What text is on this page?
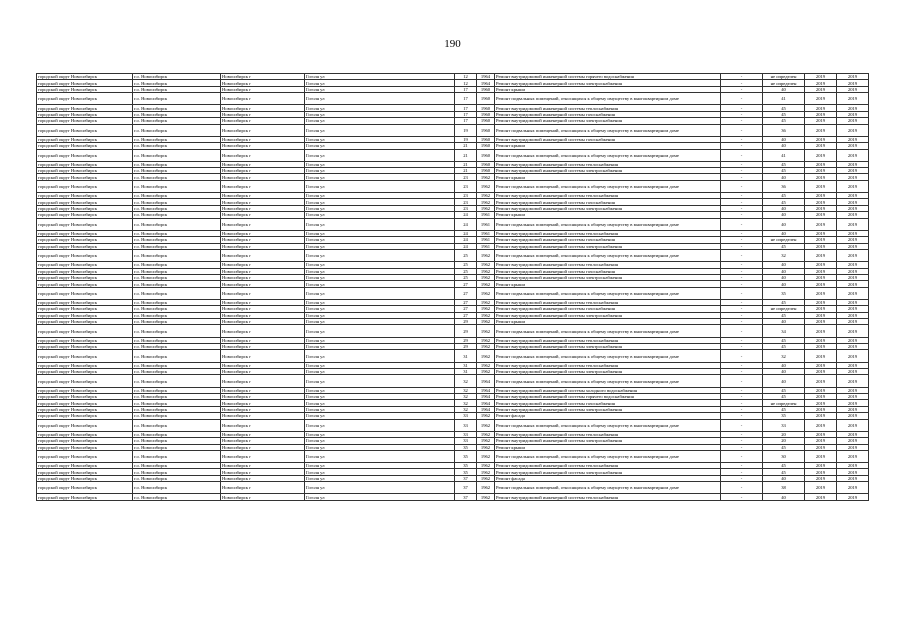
190
городской округ Новосибирск	г.о. Новосибирск	Новосибирск г	Гоголя ул	12	1964	Ремонт внутридомовой инженерной системы горячего водоснабжения	-	не определен	2019	2019
городской округ Новосибирск	г.о. Новосибирск	Новосибирск г	Гоголя ул	12	1964	Ремонт внутридомовой инженерной системы электроснабжения	-	не определен	2019	2019
городской округ Новосибирск	г.о. Новосибирск	Новосибирск г	Гоголя ул	17	1960	Ремонт крыши	-	40	2019	2019
городской округ Новосибирск	г.о. Новосибирск	Новосибирск г	Гоголя ул	17	1960	Ремонт подвальных помещений, относящихся к общему имуществу в многоквартирном доме	-	41	2019	2019
городской округ Новосибирск	г.о. Новосибирск	Новосибирск г	Гоголя ул	17	1960	Ремонт внутридомовой инженерной системы теплоснабжения	-	45	2019	2019
городской округ Новосибирск	г.о. Новосибирск	Новосибирск г	Гоголя ул	17	1960	Ремонт внутридомовой инженерной системы газоснабжения	-	45	2019	2019
городской округ Новосибирск	г.о. Новосибирск	Новосибирск г	Гоголя ул	17	1960	Ремонт внутридомовой инженерной системы электроснабжения	-	45	2019	2019
городской округ Новосибирск	г.о. Новосибирск	Новосибирск г	Гоголя ул	19	1960	Ремонт подвальных помещений, относящихся к общему имуществу в многоквартирном доме	-	36	2019	2019
городской округ Новосибирск	г.о. Новосибирск	Новосибирск г	Гоголя ул	19	1960	Ремонт внутридомовой инженерной системы газоснабжения	-	40	2019	2019
городской округ Новосибирск	г.о. Новосибирск	Новосибирск г	Гоголя ул	21	1960	Ремонт крыши	-	40	2019	2019
городской округ Новосибирск	г.о. Новосибирск	Новосибирск г	Гоголя ул	21	1960	Ремонт подвальных помещений, относящихся к общему имуществу в многоквартирном доме	-	41	2019	2019
городской округ Новосибирск	г.о. Новосибирск	Новосибирск г	Гоголя ул	21	1960	Ремонт внутридомовой инженерной системы теплоснабжения	-	45	2019	2019
городской округ Новосибирск	г.о. Новосибирск	Новосибирск г	Гоголя ул	21	1960	Ремонт внутридомовой инженерной системы электроснабжения	-	45	2019	2019
городской округ Новосибирск	г.о. Новосибирск	Новосибирск г	Гоголя ул	23	1962	Ремонт крыши	-	40	2019	2019
городской округ Новосибирск	г.о. Новосибирск	Новосибирск г	Гоголя ул	23	1962	Ремонт подвальных помещений, относящихся к общему имуществу в многоквартирном доме	-	36	2019	2019
городской округ Новосибирск	г.о. Новосибирск	Новосибирск г	Гоголя ул	23	1962	Ремонт внутридомовой инженерной системы теплоснабжения	-	45	2019	2019
городской округ Новосибирск	г.о. Новосибирск	Новосибирск г	Гоголя ул	23	1962	Ремонт внутридомовой инженерной системы газоснабжения	-	45	2019	2019
городской округ Новосибирск	г.о. Новосибирск	Новосибирск г	Гоголя ул	23	1962	Ремонт внутридомовой инженерной системы электроснабжения	-	40	2019	2019
городской округ Новосибирск	г.о. Новосибирск	Новосибирск г	Гоголя ул	24	1961	Ремонт крыши	-	40	2019	2019
городской округ Новосибирск	г.о. Новосибирск	Новосибирск г	Гоголя ул	24	1961	Ремонт подвальных помещений, относящихся к общему имуществу в многоквартирном доме	-	40	2019	2019
городской округ Новосибирск	г.о. Новосибирск	Новосибирск г	Гоголя ул	24	1961	Ремонт внутридомовой инженерной системы теплоснабжения	-	40	2019	2019
городской округ Новосибирск	г.о. Новосибирск	Новосибирск г	Гоголя ул	24	1961	Ремонт внутридомовой инженерной системы газоснабжения	-	не определен	2019	2019
городской округ Новосибирск	г.о. Новосибирск	Новосибирск г	Гоголя ул	24	1961	Ремонт внутридомовой инженерной системы электроснабжения	-	45	2019	2019
городской округ Новосибирск	г.о. Новосибирск	Новосибирск г	Гоголя ул	25	1962	Ремонт подвальных помещений, относящихся к общему имуществу в многоквартирном доме	-	32	2019	2019
городской округ Новосибирск	г.о. Новосибирск	Новосибирск г	Гоголя ул	25	1962	Ремонт внутридомовой инженерной системы теплоснабжения	-	40	2019	2019
городской округ Новосибирск	г.о. Новосибирск	Новосибирск г	Гоголя ул	25	1962	Ремонт внутридомовой инженерной системы газоснабжения	-	40	2019	2019
городской округ Новосибирск	г.о. Новосибирск	Новосибирск г	Гоголя ул	25	1962	Ремонт внутридомовой инженерной системы электроснабжения	-	40	2019	2019
городской округ Новосибирск	г.о. Новосибирск	Новосибирск г	Гоголя ул	27	1962	Ремонт крыши	-	40	2019	2019
городской округ Новосибирск	г.о. Новосибирск	Новосибирск г	Гоголя ул	27	1962	Ремонт подвальных помещений, относящихся к общему имуществу в многоквартирном доме	-	35	2019	2019
городской округ Новосибирск	г.о. Новосибирск	Новосибирск г	Гоголя ул	27	1962	Ремонт внутридомовой инженерной системы теплоснабжения	-	45	2019	2019
городской округ Новосибирск	г.о. Новосибирск	Новосибирск г	Гоголя ул	27	1962	Ремонт внутридомовой инженерной системы газоснабжения	-	не определен	2019	2019
городской округ Новосибирск	г.о. Новосибирск	Новосибирск г	Гоголя ул	27	1962	Ремонт внутридомовой инженерной системы электроснабжения	-	45	2019	2019
городской округ Новосибирск	г.о. Новосибирск	Новосибирск г	Гоголя ул	29	1962	Ремонт крыши	-	40	2019	2019
городской округ Новосибирск	г.о. Новосибирск	Новосибирск г	Гоголя ул	29	1962	Ремонт подвальных помещений, относящихся к общему имуществу в многоквартирном доме	-	34	2019	2019
городской округ Новосибирск	г.о. Новосибирск	Новосибирск г	Гоголя ул	29	1962	Ремонт внутридомовой инженерной системы теплоснабжения	-	45	2019	2019
городской округ Новосибирск	г.о. Новосибирск	Новосибирск г	Гоголя ул	29	1962	Ремонт внутридомовой инженерной системы электроснабжения	-	45	2019	2019
городской округ Новосибирск	г.о. Новосибирск	Новосибирск г	Гоголя ул	31	1962	Ремонт подвальных помещений, относящихся к общему имуществу в многоквартирном доме	-	32	2019	2019
городской округ Новосибирск	г.о. Новосибирск	Новосибирск г	Гоголя ул	31	1962	Ремонт внутридомовой инженерной системы теплоснабжения	-	40	2019	2019
городской округ Новосибирск	г.о. Новосибирск	Новосибирск г	Гоголя ул	31	1962	Ремонт внутридомовой инженерной системы электроснабжения	-	40	2019	2019
городской округ Новосибирск	г.о. Новосибирск	Новосибирск г	Гоголя ул	32	1964	Ремонт подвальных помещений, относящихся к общему имуществу в многоквартирном доме	-	40	2019	2019
городской округ Новосибирск	г.о. Новосибирск	Новосибирск г	Гоголя ул	32	1964	Ремонт внутридомовой инженерной системы холодного водоснабжения	-	45	2019	2019
городской округ Новосибирск	г.о. Новосибирск	Новосибирск г	Гоголя ул	32	1964	Ремонт внутридомовой инженерной системы горячего водоснабжения	-	45	2019	2019
городской округ Новосибирск	г.о. Новосибирск	Новосибирск г	Гоголя ул	32	1964	Ремонт внутридомовой инженерной системы газоснабжения	-	не определен	2019	2019
городской округ Новосибирск	г.о. Новосибирск	Новосибирск г	Гоголя ул	32	1964	Ремонт внутридомовой инженерной системы электроснабжения	-	45	2019	2019
городской округ Новосибирск	г.о. Новосибирск	Новосибирск г	Гоголя ул	33	1962	Ремонт фасада	-	35	2019	2019
городской округ Новосибирск	г.о. Новосибирск	Новосибирск г	Гоголя ул	33	1962	Ремонт подвальных помещений, относящихся к общему имуществу в многоквартирном доме	-	33	2019	2019
городской округ Новосибирск	г.о. Новосибирск	Новосибирск г	Гоголя ул	33	1962	Ремонт внутридомовой инженерной системы теплоснабжения	-	20	2019	2019
городской округ Новосибирск	г.о. Новосибирск	Новосибирск г	Гоголя ул	33	1962	Ремонт внутридомовой инженерной системы электроснабжения	-	20	2019	2019
городской округ Новосибирск	г.о. Новосибирск	Новосибирск г	Гоголя ул	35	1962	Ремонт крыши	-	45	2019	2019
городской округ Новосибирск	г.о. Новосибирск	Новосибирск г	Гоголя ул	35	1962	Ремонт подвальных помещений, относящихся к общему имуществу в многоквартирном доме	-	30	2019	2019
городской округ Новосибирск	г.о. Новосибирск	Новосибирск г	Гоголя ул	35	1962	Ремонт внутридомовой инженерной системы теплоснабжения	-	45	2019	2019
городской округ Новосибирск	г.о. Новосибирск	Новосибирск г	Гоголя ул	35	1962	Ремонт внутридомовой инженерной системы электроснабжения	-	45	2019	2019
городской округ Новосибирск	г.о. Новосибирск	Новосибирск г	Гоголя ул	37	1962	Ремонт фасада	-	40	2019	2019
городской округ Новосибирск	г.о. Новосибирск	Новосибирск г	Гоголя ул	37	1962	Ремонт подвальных помещений, относящихся к общему имуществу в многоквартирном доме	-	38	2019	2019
городской округ Новосибирск	г.о. Новосибирск	Новосибирск г	Гоголя ул	37	1962	Ремонт внутридомовой инженерной системы теплоснабжения	-	40	2019	2019
